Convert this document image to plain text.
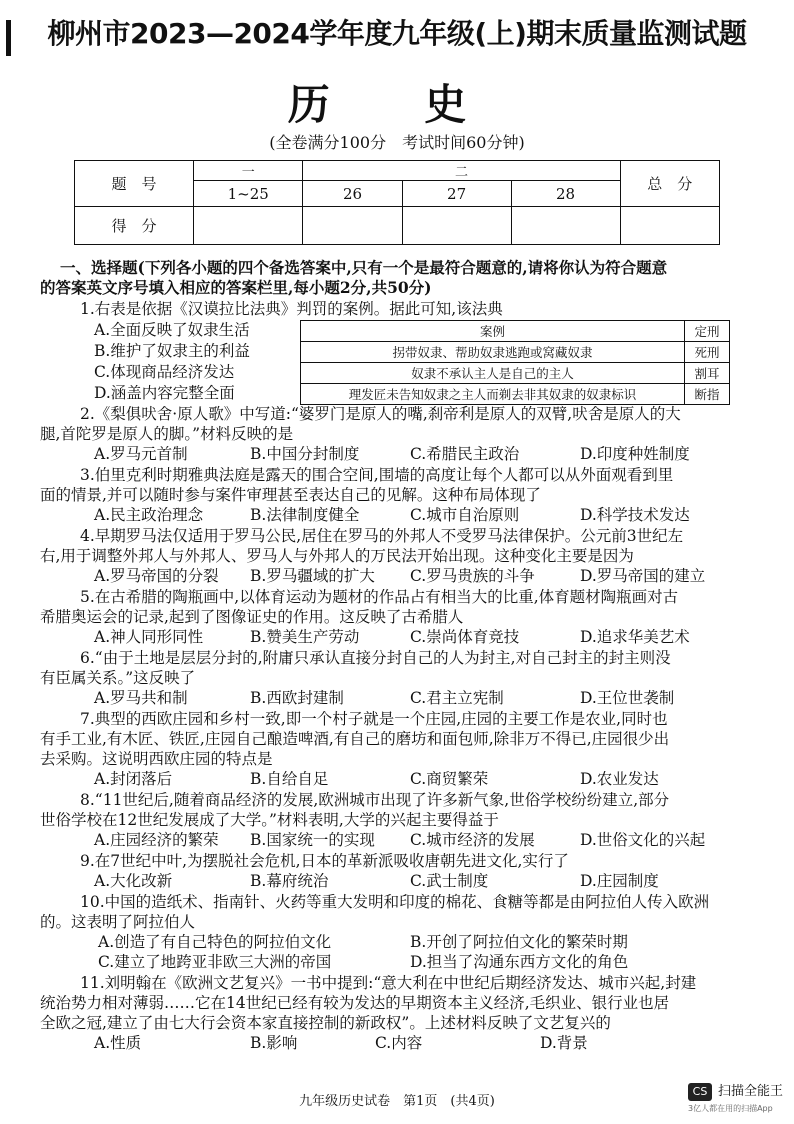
柳州市2023—2024学年度九年级(上)期末质量监测试题
历 史
(全卷满分100分　考试时间60分钟)
题　号	一	二			总　分
	1~25	26	27	28	
得　分					
一、选择题(下列各小题的四个备选答案中,只有一个是最符合题意的,请将你认为符合题意
的答案英文序号填入相应的答案栏里,每小题2分,共50分)
1.右表是依据《汉谟拉比法典》判罚的案例。据此可知,该法典
A.全面反映了奴隶生活
B.维护了奴隶主的利益
C.体现商品经济发达
D.涵盖内容完整全面
案例	定刑
拐带奴隶、帮助奴隶逃跑或窝藏奴隶	死刑
奴隶不承认主人是自己的主人	割耳
理发匠未告知奴隶之主人而剃去非其奴隶的奴隶标识	断指
2.《梨俱吠舍·原人歌》中写道:“婆罗门是原人的嘴,刹帝利是原人的双臂,吠舍是原人的大
腿,首陀罗是原人的脚。”材料反映的是
A.罗马元首制	B.中国分封制度	C.希腊民主政治	D.印度种姓制度
3.伯里克利时期雅典法庭是露天的围合空间,围墙的高度让每个人都可以从外面观看到里
面的情景,并可以随时参与案件审理甚至表达自己的见解。这种布局体现了
A.民主政治理念	B.法律制度健全	C.城市自治原则	D.科学技术发达
4.早期罗马法仅适用于罗马公民,居住在罗马的外邦人不受罗马法律保护。公元前3世纪左
右,用于调整外邦人与外邦人、罗马人与外邦人的万民法开始出现。这种变化主要是因为
A.罗马帝国的分裂 B.罗马疆域的扩大 C.罗马贵族的斗争	D.罗马帝国的建立
5.在古希腊的陶瓶画中,以体育运动为题材的作品占有相当大的比重,体育题材陶瓶画对古
希腊奥运会的记录,起到了图像证史的作用。这反映了古希腊人
A.神人同形同性	B.赞美生产劳动	C.崇尚体育竞技	D.追求华美艺术
6.“由于土地是层层分封的,附庸只承认直接分封自己的人为封主,对自己封主的封主则没
有臣属关系。”这反映了
A.罗马共和制	B.西欧封建制	C.君主立宪制	D.王位世袭制
7.典型的西欧庄园和乡村一致,即一个村子就是一个庄园,庄园的主要工作是农业,同时也
有手工业,有木匠、铁匠,庄园自己酿造啤酒,有自己的磨坊和面包师,除非万不得已,庄园很少出
去采购。这说明西欧庄园的特点是
A.封闭落后	B.自给自足	C.商贸繁荣	D.农业发达
8.“11世纪后,随着商品经济的发展,欧洲城市出现了许多新气象,世俗学校纷纷建立,部分
世俗学校在12世纪发展成了大学。”材料表明,大学的兴起主要得益于
A.庄园经济的繁荣 B.国家统一的实现 C.城市经济的发展	D.世俗文化的兴起
9.在7世纪中叶,为摆脱社会危机,日本的革新派吸收唐朝先进文化,实行了
A.大化改新	B.幕府统治	C.武士制度	D.庄园制度
10.中国的造纸术、指南针、火药等重大发明和印度的棉花、食糖等都是由阿拉伯人传入欧洲
的。这表明了阿拉伯人
A.创造了有自己特色的阿拉伯文化	B.开创了阿拉伯文化的繁荣时期
C.建立了地跨亚非欧三大洲的帝国	D.担当了沟通东西方文化的角色
11.刘明翰在《欧洲文艺复兴》一书中提到:“意大利在中世纪后期经济发达、城市兴起,封建
统治势力相对薄弱……它在14世纪已经有较为发达的早期资本主义经济,毛织业、银行业也居
全欧之冠,建立了由七大行会资本家直接控制的新政权”。上述材料反映了文艺复兴的
A.性质	B.影响	C.内容	D.背景
九年级历史试卷　第1页　(共4页)
CS 扫描全能王
3亿人都在用的扫描App
